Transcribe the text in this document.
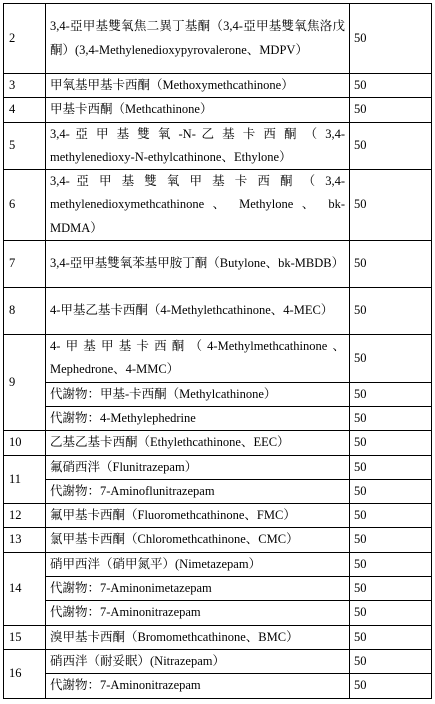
2	3,4-亞甲基雙氧焦二異丁基酮（3,4-亞甲基雙氧焦洛戊酮）(3,4-Methylenedioxypyrovalerone、MDPV）	50
3	甲氧基甲基卡西酮（Methoxymethcathinone）	50
4	甲基卡西酮（Methcathinone）	50
5	3,4- 亞 甲 基 雙 氧 -N- 乙 基 卡 西 酮 （ 3,4-methylenedioxy-N-ethylcathinone、Ethylone）	50
6	3,4- 亞 甲 基 雙 氧 甲 基 卡 西 酮 （ 3,4-methylenedioxymethcathinone 、 Methylone 、 bk-MDMA）	50
7	3,4-亞甲基雙氧苯基甲胺丁酮（Butylone、bk-MBDB）	50
8	4-甲基乙基卡西酮（4-Methylethcathinone、4-MEC）	50
9	4-甲基甲基卡西酮（4-Methylmethcathinone、Mephedrone、4-MMC）	50
	代謝物：甲基-卡西酮（Methylcathinone）	50
	代謝物：4-Methylephedrine	50
10	乙基乙基卡西酮（Ethylethcathinone、EEC）	50
11	氟硝西泮（Flunitrazepam）	50
	代謝物：7-Aminoflunitrazepam	50
12	氟甲基卡西酮（Fluoromethcathinone、FMC）	50
13	氯甲基卡西酮（Chloromethcathinone、CMC）	50
14	硝甲西泮（硝甲氮平）(Nimetazepam）	50
	代謝物：7-Aminonimetazepam	50
	代謝物：7-Aminonitrazepam	50
15	溴甲基卡西酮（Bromomethcathinone、BMC）	50
16	硝西泮（耐妥眠）(Nitrazepam）	50
	代謝物：7-Aminonitrazepam	50
